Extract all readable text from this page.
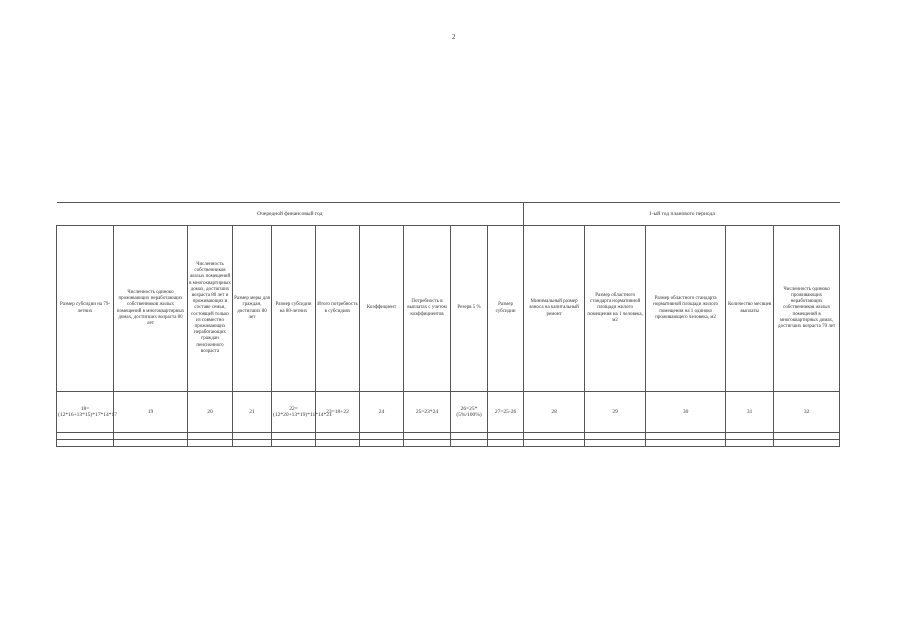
2
Очередной финансовый год										1-ый год планового периода				
Размер субсидии на 79-летних	Численность одиноко проживающих неработающих собственников жилых помещений в многоквартирных домах, достигших возраста 80 лет	Численность собственников жилых помещений в многоквартирных домах, достигших возраста 80 лет и проживающих в составе семьи, состоящей только из совместно проживающих неработающих граждан пенсионного возраста	Размер меры для граждан, достигших 80 лет	Размер субсидии на 80-летних	Итого потребность в субсидиях	Коэффициент	Потребность в выплатах с учетом коэффициентов	Резерв 5 %	Размер субсидии	Минимальный размер взноса на капитальный ремонт	Размер областного стандарта нормативной площади жилого помещения на 1 человека, м2	Размер областного стандарта нормативной площади жилого помещения на 1 одиноко проживающего человека, м2	Количество месяцев выплаты	Численность одиноко проживающих неработающих собственников жилых помещений в многоквартирных домах, достигших возраста 70 лет
18=(12*16+13*15)*17*14*17	19	20	21	22=(12*20+13*19)*11*14*21	23=18+22	24	25=23*24	26=25*(5%/100%)	27=25-26	28	29	30	31	32
